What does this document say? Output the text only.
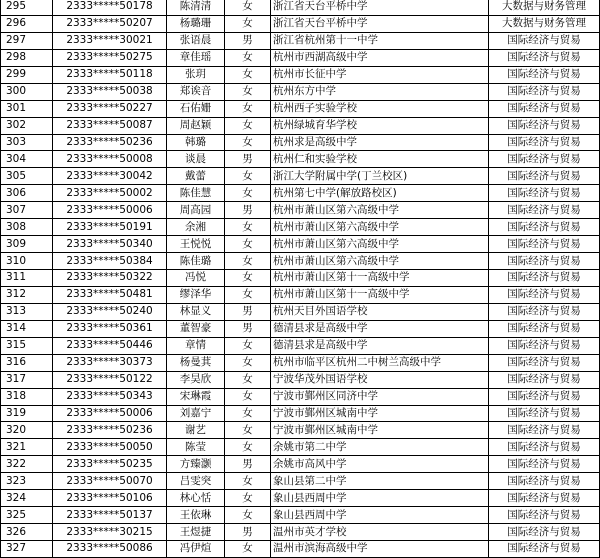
295	2333*****50178	陈清清	女	浙江省天台平桥中学	大数据与财务管理
296	2333*****50207	杨璐珊	女	浙江省天台平桥中学	大数据与财务管理
297	2333*****30021	张语晨	男	浙江省杭州第十一中学	国际经济与贸易
298	2333*****50275	章佳瑶	女	杭州市西湖高级中学	国际经济与贸易
299	2333*****50118	张玥	女	杭州市长征中学	国际经济与贸易
300	2333*****50038	郑诶音	女	杭州东方中学	国际经济与贸易
301	2333*****50227	石佑姗	女	杭州西子实验学校	国际经济与贸易
302	2333*****50087	周赵颖	女	杭州绿城育华学校	国际经济与贸易
303	2333*****50236	韩璐	女	杭州求是高级中学	国际经济与贸易
304	2333*****50008	谈晨	男	杭州仁和实验学校	国际经济与贸易
305	2333*****30042	戴蕾	女	浙江大学附属中学(丁兰校区)	国际经济与贸易
306	2333*****50002	陈佳慧	女	杭州第七中学(解放路校区)	国际经济与贸易
307	2333*****50006	周高园	男	杭州市萧山区第六高级中学	国际经济与贸易
308	2333*****50191	余湘	女	杭州市萧山区第六高级中学	国际经济与贸易
309	2333*****50340	王悦悦	女	杭州市萧山区第六高级中学	国际经济与贸易
310	2333*****50384	陈佳璐	女	杭州市萧山区第六高级中学	国际经济与贸易
311	2333*****50322	冯悦	女	杭州市萧山区第十一高级中学	国际经济与贸易
312	2333*****50481	缪泽华	女	杭州市萧山区第十一高级中学	国际经济与贸易
313	2333*****50240	林显义	男	杭州天目外国语学校	国际经济与贸易
314	2333*****50361	董智豪	男	德清县求是高级中学	国际经济与贸易
315	2333*****50446	章情	女	德清县求是高级中学	国际经济与贸易
316	2333*****30373	杨曼萁	女	杭州市临平区杭州二中树兰高级中学	国际经济与贸易
317	2333*****50122	李昊欣	女	宁波华茂外国语学校	国际经济与贸易
318	2333*****50343	宋琳霞	女	宁波市鄞州区同济中学	国际经济与贸易
319	2333*****50006	刘嘉宁	女	宁波市鄞州区城南中学	国际经济与贸易
320	2333*****50236	谢艺	女	宁波市鄞州区城南中学	国际经济与贸易
321	2333*****50050	陈莹	女	余姚市第二中学	国际经济与贸易
322	2333*****50235	方臻灏	男	余姚市高风中学	国际经济与贸易
323	2333*****50070	吕雯突	女	象山县第二中学	国际经济与贸易
324	2333*****50106	林心恬	女	象山县西周中学	国际经济与贸易
325	2333*****50137	王依琳	女	象山县西周中学	国际经济与贸易
326	2333*****30215	王煜捷	男	温州市英才学校	国际经济与贸易
327	2333*****50086	冯伊煊	女	温州市滨海高级中学	国际经济与贸易
